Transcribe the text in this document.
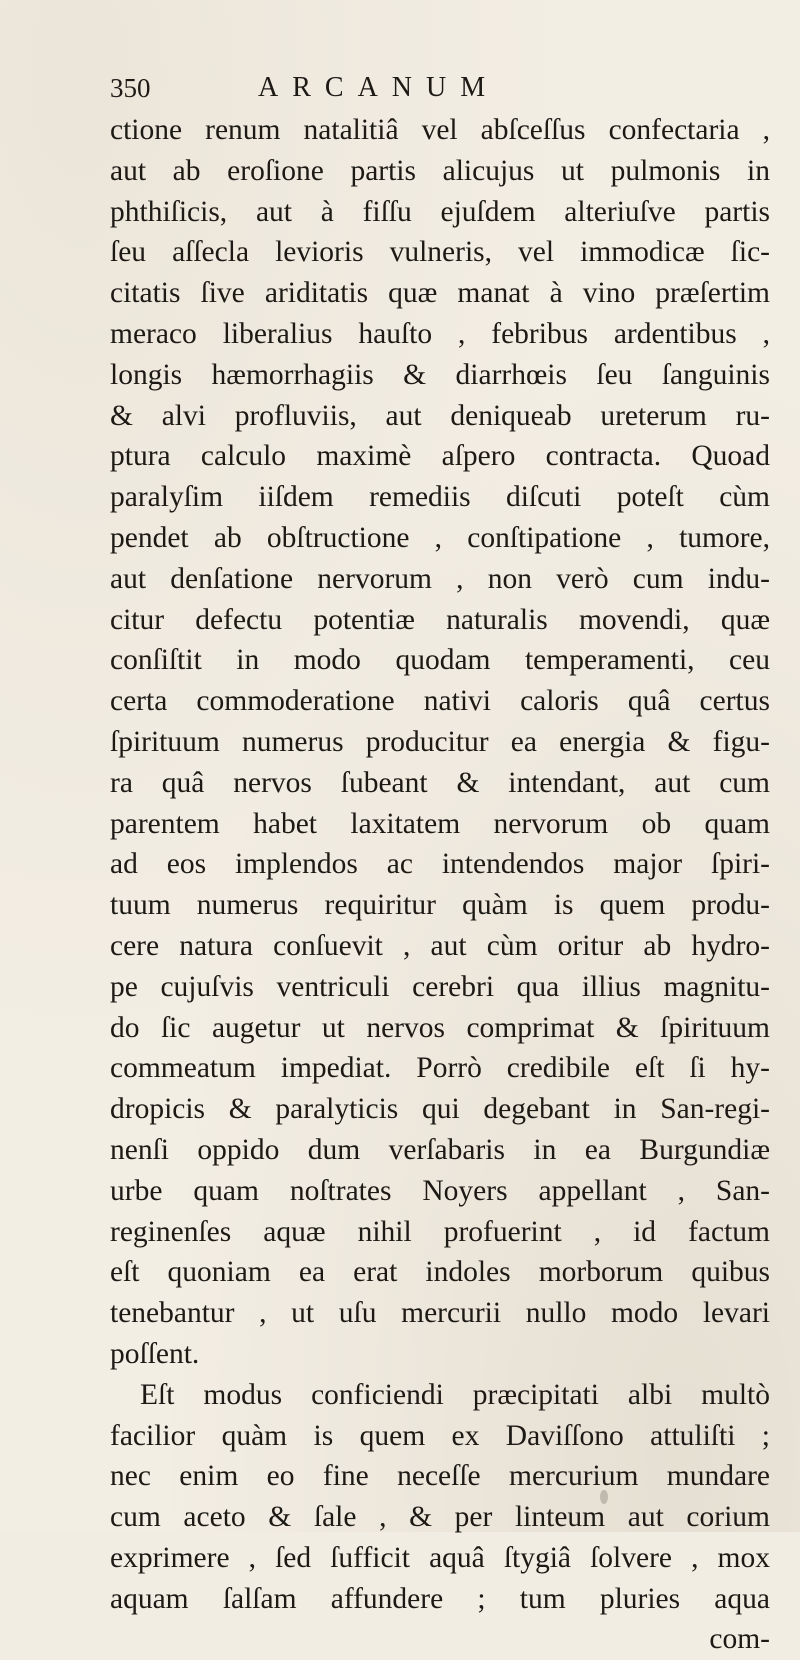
350	ARCANUM
ctione renum natalitiâ vel abſceſſus confectaria ,
aut ab eroſione partis alicujus ut pulmonis in
phthiſicis, aut à fiſſu ejuſdem alteriuſve partis
ſeu aſſecla levioris vulneris, vel immodicæ ſic-
citatis ſive ariditatis quæ manat à vino præſertim
meraco liberalius hauſto , febribus ardentibus ,
longis hæmorrhagiis & diarrhœis ſeu ſanguinis
& alvi profluviis, aut deniqueab ureterum ru-
ptura calculo maximè aſpero contracta. Quoad
paralyſim iiſdem remediis diſcuti poteſt cùm
pendet ab obſtructione , conſtipatione , tumore,
aut denſatione nervorum , non verò cum indu-
citur defectu potentiæ naturalis movendi, quæ
conſiſtit in modo quodam temperamenti, ceu
certa commoderatione nativi caloris quâ certus
ſpirituum numerus producitur ea energia & figu-
ra quâ nervos ſubeant & intendant, aut cum
parentem habet laxitatem nervorum ob quam
ad eos implendos ac intendendos major ſpiri-
tuum numerus requiritur quàm is quem produ-
cere natura conſuevit , aut cùm oritur ab hydro-
pe cujuſvis ventriculi cerebri qua illius magnitu-
do ſic augetur ut nervos comprimat & ſpirituum
commeatum impediat. Porrò credibile eſt ſi hy-
dropicis & paralyticis qui degebant in San-regi-
nenſi oppido dum verſabaris in ea Burgundiæ
urbe quam noſtrates Noyers appellant , San-
reginenſes aquæ nihil profuerint , id factum
eſt quoniam ea erat indoles morborum quibus
tenebantur , ut uſu mercurii nullo modo levari
poſſent.
Eſt modus conficiendi præcipitati albi multò
facilior quàm is quem ex Daviſſono attuliſti ;
nec enim eo fine neceſſe mercurium mundare
cum aceto & ſale , & per linteum aut corium
exprimere , ſed ſufficit aquâ ſtygiâ ſolvere , mox
aquam ſalſam affundere ; tum pluries aqua
com-
